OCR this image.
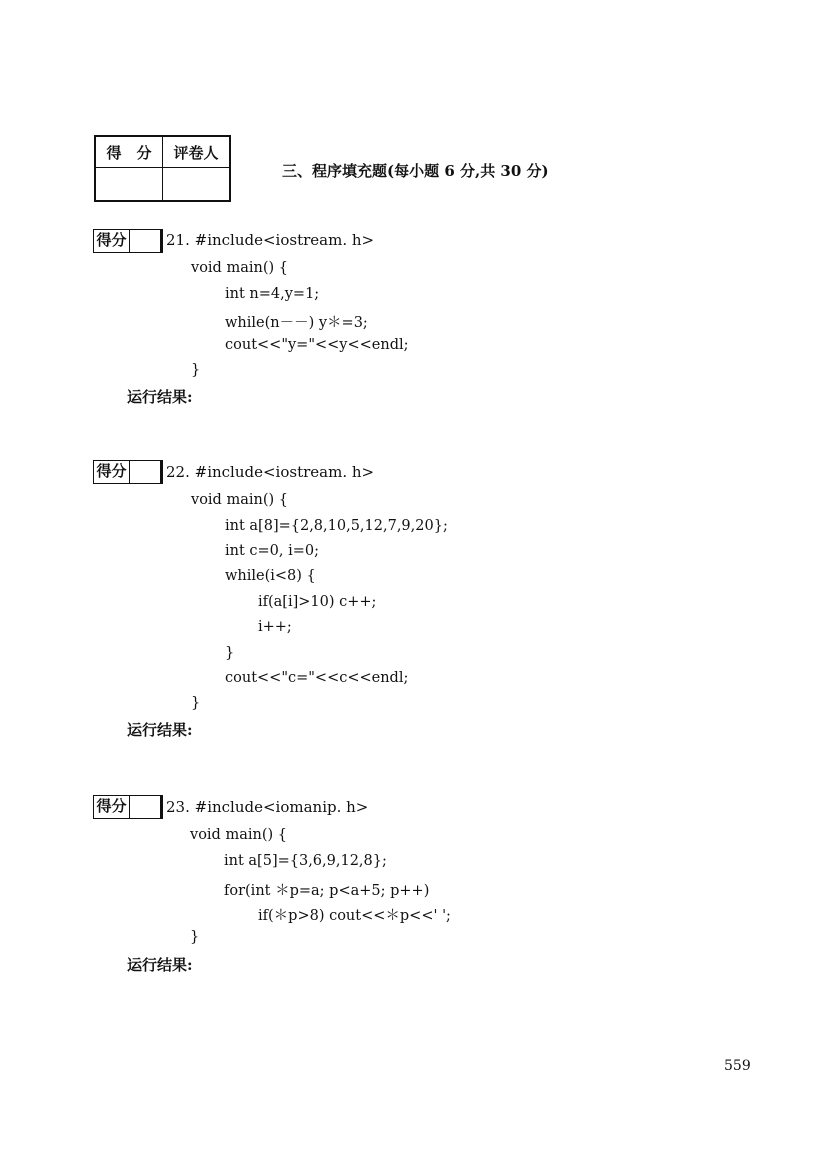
得　分	评卷人

三、程序填充题(每小题 6 分,共 30 分)
得分	21. #include<iostream. h>
void main() {
int n=4,y=1;
while(n－－) y＊=3;
cout<<"y="<<y<<endl;
}
运行结果:
得分	22. #include<iostream. h>
void main() {
int a[8]={2,8,10,5,12,7,9,20};
int c=0, i=0;
while(i<8) {
if(a[i]>10) c++;
i++;
}
cout<<"c="<<c<<endl;
}
运行结果:
得分	23. #include<iomanip. h>
void main() {
int a[5]={3,6,9,12,8};
for(int ＊p=a; p<a+5; p++)
if(＊p>8) cout<<＊p<<' ';
}
运行结果:
559
